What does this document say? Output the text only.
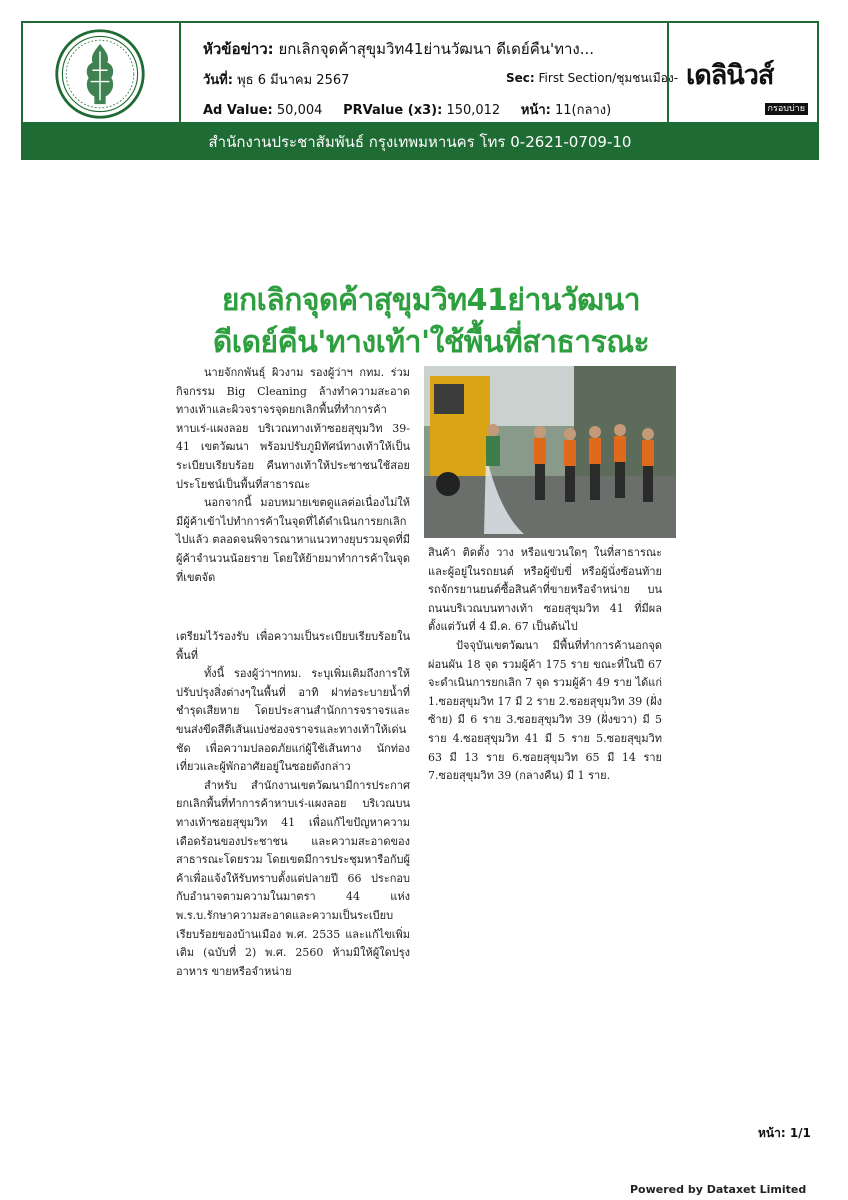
หัวข้อข่าว: ยกเลิกจุดค้าสุขุมวิท41ย่านวัฒนา ดีเดย์คืน'ทาง...
วันที่: พุธ 6 มีนาคม 2567	Sec: First Section/ชุมชนเมือง-
Ad Value: 50,004 PRValue (x3): 150,012 หน้า: 11(กลาง)
เดลินิวส์
กรอบบ่าย
สำนักงานประชาสัมพันธ์ กรุงเทพมหานคร โทร 0-2621-0709-10
ยกเลิกจุดค้าสุขุมวิท41ย่านวัฒนา
ดีเดย์คืน'ทางเท้า'ใช้พื้นที่สาธารณะ

นายจักกพันธุ์ ผิวงาม รองผู้ว่าฯ กทม. ร่วมกิจกรรม Big Cleaning ล้างทำความสะอาดทางเท้าและผิวจราจรจุดยกเลิกพื้นที่ทำการค้าหาบเร่-แผงลอย บริเวณทางเท้าซอยสุขุมวิท 39-41 เขตวัฒนา พร้อมปรับภูมิทัศน์ทางเท้าให้เป็นระเบียบเรียบร้อย คืนทางเท้าให้ประชาชนใช้สอยประโยชน์เป็นพื้นที่สาธารณะ

นอกจากนี้ มอบหมายเขตดูแลต่อเนื่องไม่ให้มีผู้ค้าเข้าไปทำการค้าในจุดที่ได้ดำเนินการยกเลิกไปแล้ว ตลอดจนพิจารณาหาแนวทางยุบรวมจุดที่มีผู้ค้าจำนวนน้อยราย โดยให้ย้ายมาทำการค้าในจุดที่เขตจัด

เตรียมไว้รองรับ เพื่อความเป็นระเบียบเรียบร้อยในพื้นที่

ทั้งนี้ รองผู้ว่าฯกทม. ระบุเพิ่มเติมถึงการให้ปรับปรุงสิ่งต่างๆในพื้นที่ อาทิ ฝาท่อระบายน้ำที่ชำรุดเสียหาย โดยประสานสำนักการจราจรและขนส่งขีดสีตีเส้นแบ่งช่องจราจรและทางเท้าให้เด่นชัด เพื่อความปลอดภัยแก่ผู้ใช้เส้นทาง นักท่องเที่ยวและผู้พักอาศัยอยู่ในซอยดังกล่าว

สำหรับ สำนักงานเขตวัฒนามีการประกาศยกเลิกพื้นที่ทำการค้าหาบเร่-แผงลอย บริเวณบนทางเท้าซอยสุขุมวิท 41 เพื่อแก้ไขปัญหาความเดือดร้อนของประชาชน และความสะอาดของสาธารณะโดยรวม โดยเขตมีการประชุมหารือกับผู้ค้าเพื่อแจ้งให้รับทราบตั้งแต่ปลายปี 66 ประกอบกับอำนาจตามความในมาตรา 44 แห่ง พ.ร.บ.รักษาความสะอาดและความเป็นระเบียบเรียบร้อยของบ้านเมือง พ.ศ. 2535 และแก้ไขเพิ่มเติม (ฉบับที่ 2) พ.ศ. 2560 ห้ามมิให้ผู้ใดปรุงอาหาร ขายหรือจำหน่าย

สินค้า ติดตั้ง วาง หรือแขวนใดๆ ในที่สาธารณะ และผู้อยู่ในรถยนต์ หรือผู้ขับขี่ หรือผู้นั่งซ้อนท้ายรถจักรยานยนต์ซื้อสินค้าที่ขายหรือจำหน่าย บนถนนบริเวณบนทางเท้า ซอยสุขุมวิท 41 ที่มีผลตั้งแต่วันที่ 4 มี.ค. 67 เป็นต้นไป

ปัจจุบันเขตวัฒนา มีพื้นที่ทำการค้านอกจุดผ่อนผัน 18 จุด รวมผู้ค้า 175 ราย ขณะที่ในปี 67 จะดำเนินการยกเลิก 7 จุด รวมผู้ค้า 49 ราย ได้แก่ 1.ซอยสุขุมวิท 17 มี 2 ราย 2.ซอยสุขุมวิท 39 (ฝั่งซ้าย) มี 6 ราย 3.ซอยสุขุมวิท 39 (ฝั่งขวา) มี 5 ราย 4.ซอยสุขุมวิท 41 มี 5 ราย 5.ซอยสุขุมวิท 63 มี 13 ราย 6.ซอยสุขุมวิท 65 มี 14 ราย 7.ซอยสุขุมวิท 39 (กลางคืน) มี 1 ราย.

หน้า: 1/1
Powered by Dataxet Limited
